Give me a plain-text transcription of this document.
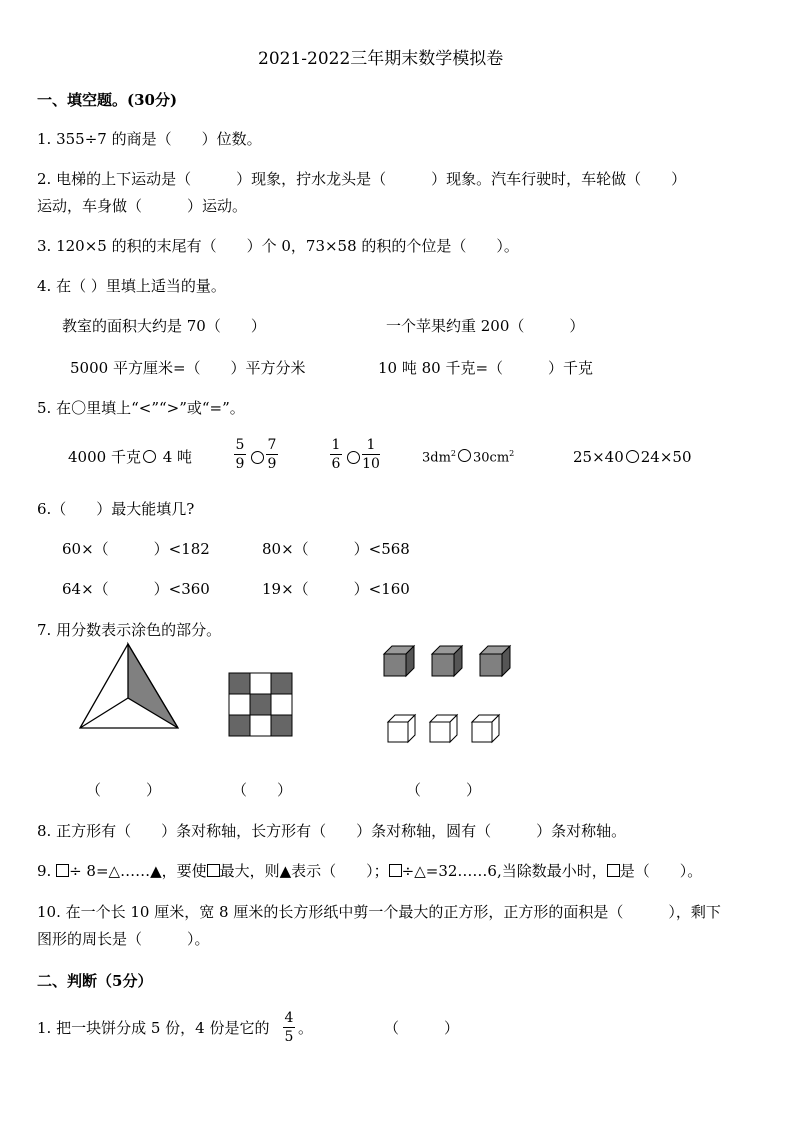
2021-2022三年期末数学模拟卷
一、填空题。(30分)
1. 355÷7 的商是（　　）位数。
2. 电梯的上下运动是（　　　）现象，拧水龙头是（　　　）现象。汽车行驶时，车轮做（　　）
运动，车身做（　　　）运动。
3. 120×5 的积的末尾有（　　）个 0，73×58 的积的个位是（　　）。
4. 在（ ）里填上适当的量。
教室的面积大约是 70（　　）	一个苹果约重 200（　　　）
5000 平方厘米=（　　）平方分米	10 吨 80 千克=（　　　）千克
5. 在〇里填上“<”“>”或“=”。
4000 千克 4 吨
5
9
7
9
1
6
1
10	$3dm^2$ $30cm^2$	25×40 24×50
6.（　　）最大能填几?
60×（　　　）<182	80×（　　　）<568
64×（　　　）<360	19×（　　　）<160
7. 用分数表示涂色的部分。
（　　　）	（　　）	（　　　）
8. 正方形有（　　）条对称轴，长方形有（　　）条对称轴，圆有（　　　）条对称轴。
9. ÷ 8=△……▲，要使 最大，则▲表示（　　）； ÷△=32……6,当除数最小时， 是（　　）。
10. 在一个长 10 厘米，宽 8 厘米的长方形纸中剪一个最大的正方形，正方形的面积是（　　　），剩下
图形的周长是（　　　）。
二、判断（5分）
1. 把一块饼分成 5 份，4 份是它的
4
5 。	（　　　）
